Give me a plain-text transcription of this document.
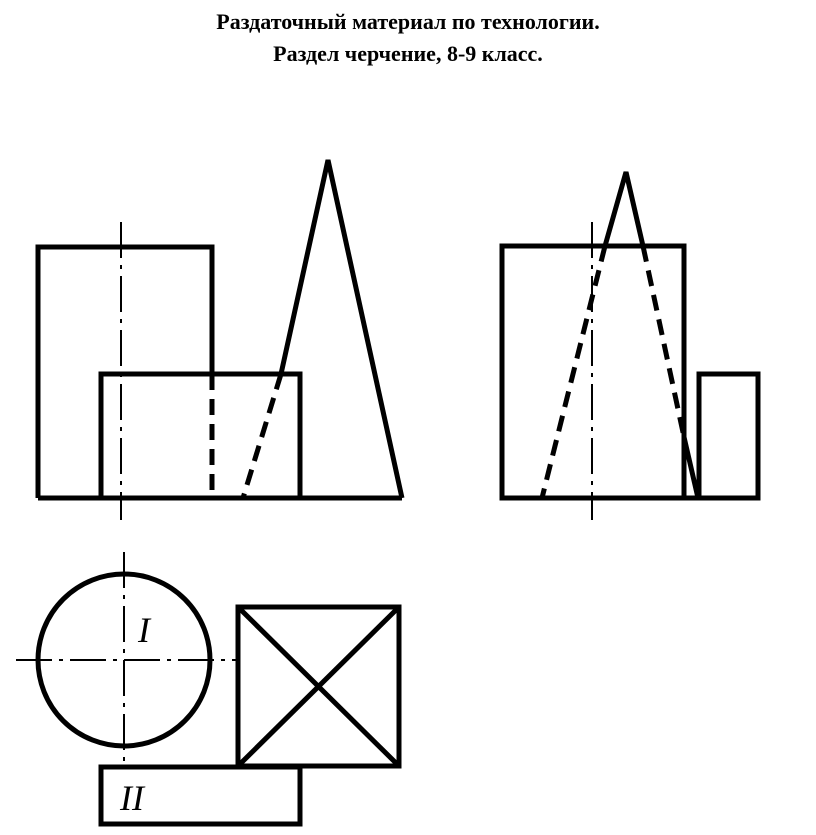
Раздаточный материал по технологии.
Раздел черчение, 8-9 класс.
I
II
